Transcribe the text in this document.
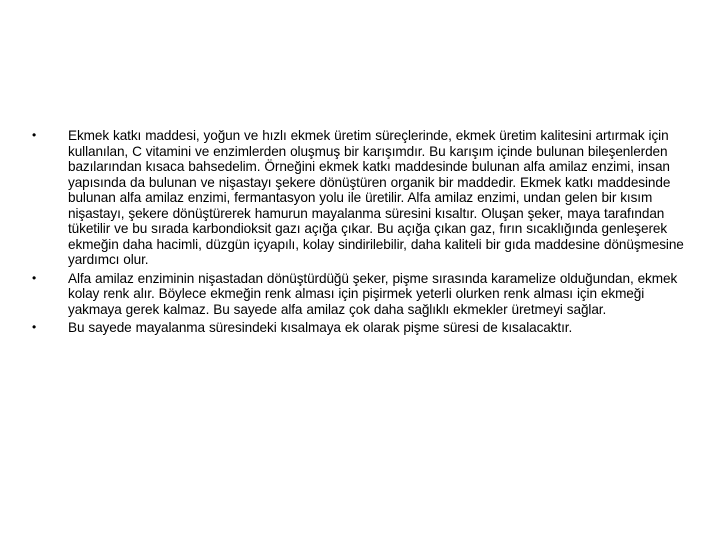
•	Ekmek katkı maddesi, yoğun ve hızlı ekmek üretim süreçlerinde, ekmek üretim kalitesini artırmak için kullanılan, C vitamini ve enzimlerden oluşmuş bir karışımdır. Bu karışım içinde bulunan bileşenlerden bazılarından kısaca bahsedelim. Örneğini ekmek katkı maddesinde bulunan alfa amilaz enzimi, insan yapısında da bulunan ve nişastayı şekere dönüştüren organik bir maddedir. Ekmek katkı maddesinde bulunan alfa amilaz enzimi, fermantasyon yolu ile üretilir. Alfa amilaz enzimi, undan gelen bir kısım nişastayı, şekere dönüştürerek hamurun mayalanma süresini kısaltır. Oluşan şeker, maya tarafından tüketilir ve bu sırada karbondioksit gazı açığa çıkar. Bu açığa çıkan gaz, fırın sıcaklığında genleşerek ekmeğin daha hacimli, düzgün içyapılı, kolay sindirilebilir, daha kaliteli bir gıda maddesine dönüşmesine yardımcı olur.
•	Alfa amilaz enziminin nişastadan dönüştürdüğü şeker, pişme sırasında karamelize olduğundan, ekmek kolay renk alır. Böylece ekmeğin renk alması için pişirmek yeterli olurken renk alması için ekmeği yakmaya gerek kalmaz. Bu sayede alfa amilaz çok daha sağlıklı ekmekler üretmeyi sağlar.
•	Bu sayede mayalanma süresindeki kısalmaya ek olarak pişme süresi de kısalacaktır.
